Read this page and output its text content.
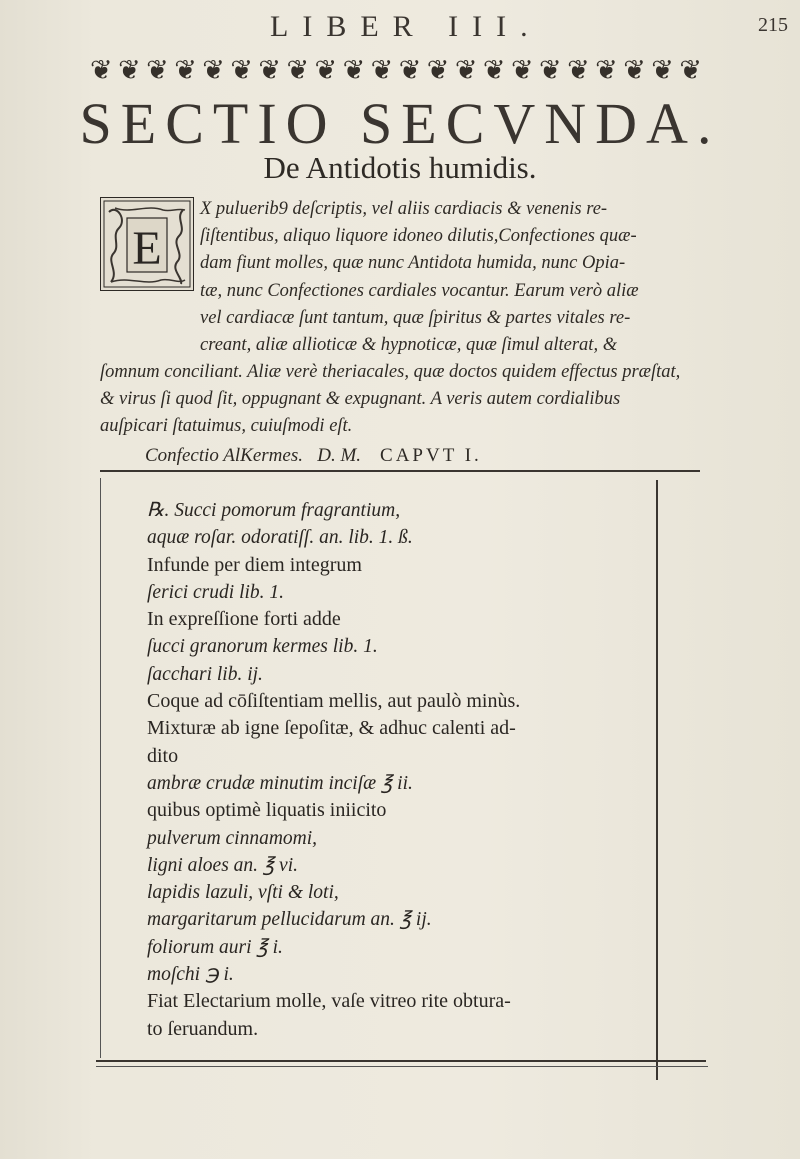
LIBER III.	215
❦ ❦ ❦ ❦ ❦ ❦ ❦ ❦ ❦ ❦ ❦ ❦ ❦ ❦ ❦ ❦ ❦ ❦ ❦ ❦ ❦ ❦
SECTIO SECVNDA.
De Antidotis humidis.
E

X puluerib9 deſcriptis, vel aliis cardiacis & venenis re-

ſiſtentibus, aliquo liquore idoneo dilutis,Confectiones quæ-

dam fiunt molles, quæ nunc Antidota humida, nunc Opia-

tæ, nunc Confectiones cardiales vocantur. Earum verò aliæ

vel cardiacæ ſunt tantum, quæ ſpiritus & partes vitales re-

creant, aliæ allioticæ & hypnoticæ, quæ ſimul alterat, &

ſomnum conciliant. Aliæ verè theriacales, quæ doctos quidem effectus præſtat,

& virus ſi quod ſit, oppugnant & expugnant. A veris autem cordialibus

auſpicari ſtatuimus, cuiuſmodi eſt.

Confectio AlKermes. D. M. CAPVT I.
℞. Succi pomorum fragrantium,
aquæ roſar. odoratiſſ. an. lib. 1. ß.
Infunde per diem integrum
ſerici crudi lib. 1.
In expreſſione forti adde
ſucci granorum kermes lib. 1.
ſacchari lib. ij.
Coque ad cōſiſtentiam mellis, aut paulò minùs.
Mixturæ ab igne ſepoſitæ, & adhuc calenti ad-
dito
ambræ crudæ minutim inciſæ ℥ ii.
quibus optimè liquatis iniicito
pulverum cinnamomi,
ligni aloes an. ℥ vi.
lapidis lazuli, vſti & loti,
margaritarum pellucidarum an. ℥ ij.
foliorum auri ℥ i.
moſchi ℈ i.
Fiat Electarium molle, vaſe vitreo rite obtura-
to ſeruandum.
